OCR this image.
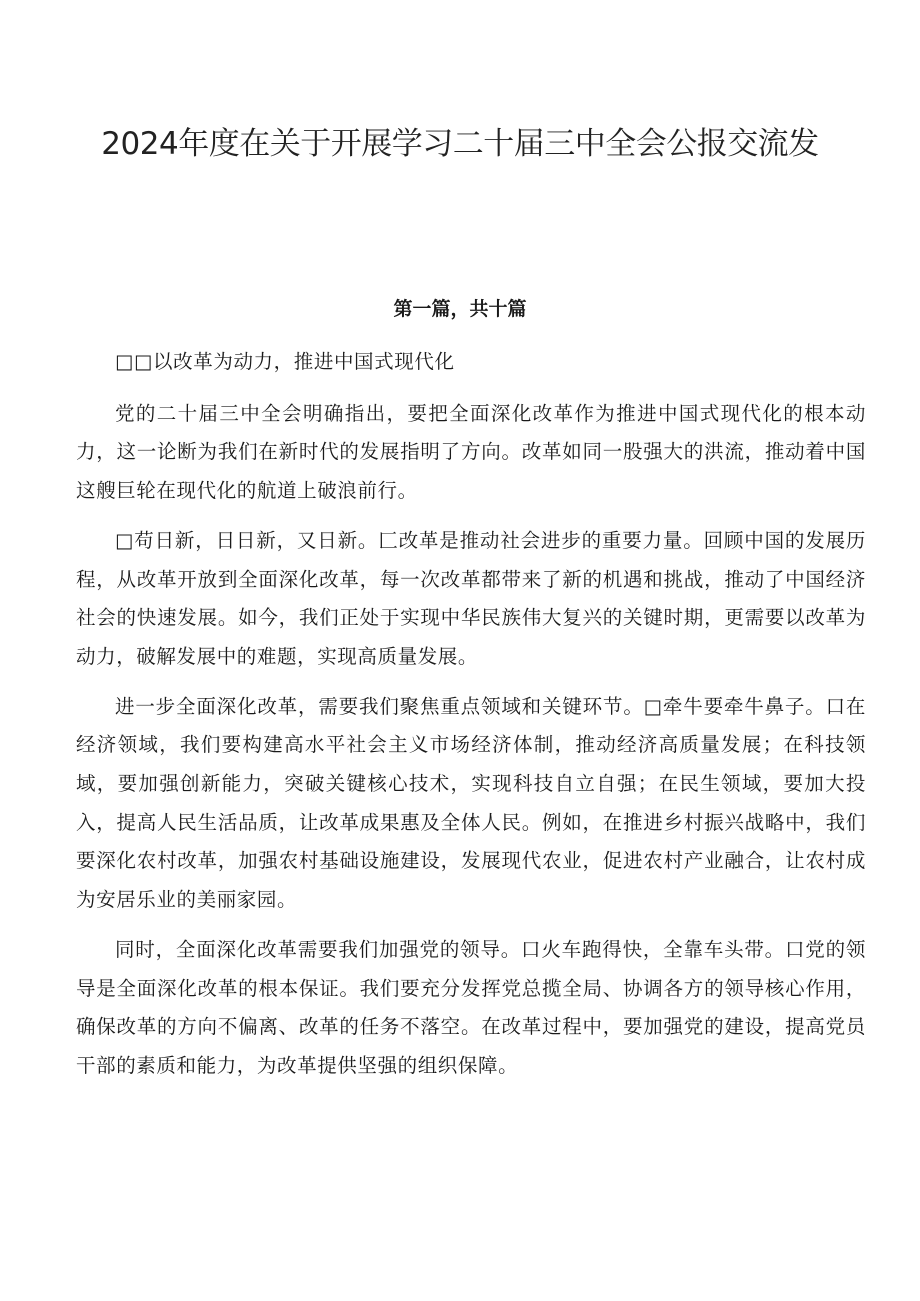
2024年度在关于开展学习二十届三中全会公报交流发
第一篇，共十篇

□□以改革为动力，推进中国式现代化

党的二十届三中全会明确指出，要把全面深化改革作为推进中国式现代化的根本动力，这一论断为我们在新时代的发展指明了方向。改革如同一股强大的洪流，推动着中国这艘巨轮在现代化的航道上破浪前行。

□苟日新，日日新，又日新。匚改革是推动社会进步的重要力量。回顾中国的发展历程，从改革开放到全面深化改革，每一次改革都带来了新的机遇和挑战，推动了中国经济社会的快速发展。如今，我们正处于实现中华民族伟大复兴的关键时期，更需要以改革为动力，破解发展中的难题，实现高质量发展。

进一步全面深化改革，需要我们聚焦重点领域和关键环节。□牵牛要牵牛鼻子。口在经济领域，我们要构建高水平社会主义市场经济体制，推动经济高质量发展；在科技领域，要加强创新能力，突破关键核心技术，实现科技自立自强；在民生领域，要加大投入，提高人民生活品质，让改革成果惠及全体人民。例如，在推进乡村振兴战略中，我们要深化农村改革，加强农村基础设施建设，发展现代农业，促进农村产业融合，让农村成为安居乐业的美丽家园。

同时，全面深化改革需要我们加强党的领导。口火车跑得快，全靠车头带。口党的领导是全面深化改革的根本保证。我们要充分发挥党总揽全局、协调各方的领导核心作用，确保改革的方向不偏离、改革的任务不落空。在改革过程中，要加强党的建设，提高党员干部的素质和能力，为改革提供坚强的组织保障。
